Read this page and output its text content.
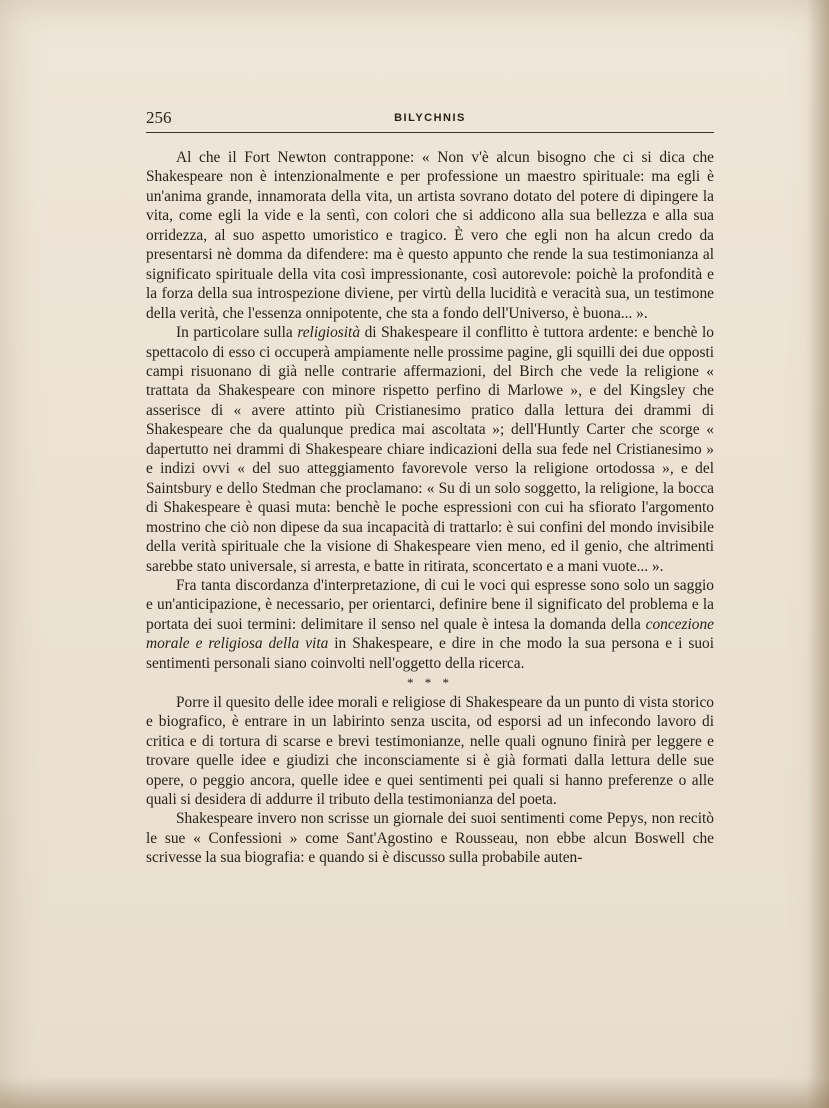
256	BILYCHNIS

Al che il Fort Newton contrappone: « Non v'è alcun bisogno che ci si dica che Shakespeare non è intenzionalmente e per professione un maestro spirituale: ma egli è un'anima grande, innamorata della vita, un artista sovrano dotato del potere di dipingere la vita, come egli la vide e la sentì, con colori che si addicono alla sua bellezza e alla sua orridezza, al suo aspetto umoristico e tragico. È vero che egli non ha alcun credo da presentarsi nè domma da difendere: ma è questo appunto che rende la sua testimonianza al significato spirituale della vita così impressionante, così autorevole: poichè la profondità e la forza della sua introspezione diviene, per virtù della lucidità e veracità sua, un testimone della verità, che l'essenza onnipotente, che sta a fondo dell'Universo, è buona... ».

In particolare sulla religiosità di Shakespeare il conflitto è tuttora ardente: e benchè lo spettacolo di esso ci occuperà ampiamente nelle prossime pagine, gli squilli dei due opposti campi risuonano di già nelle contrarie affermazioni, del Birch che vede la religione « trattata da Shakespeare con minore rispetto perfino di Marlowe », e del Kingsley che asserisce di « avere attinto più Cristianesimo pratico dalla lettura dei drammi di Shakespeare che da qualunque predica mai ascoltata »; dell'Huntly Carter che scorge « dapertutto nei drammi di Shakespeare chiare indicazioni della sua fede nel Cristianesimo » e indizi ovvi « del suo atteggiamento favorevole verso la religione ortodossa », e del Saintsbury e dello Stedman che proclamano: « Su di un solo soggetto, la religione, la bocca di Shakespeare è quasi muta: benchè le poche espressioni con cui ha sfiorato l'argomento mostrino che ciò non dipese da sua incapacità di trattarlo: è sui confini del mondo invisibile della verità spirituale che la visione di Shakespeare vien meno, ed il genio, che altrimenti sarebbe stato universale, si arresta, e batte in ritirata, sconcertato e a mani vuote... ».

Fra tanta discordanza d'interpretazione, di cui le voci qui espresse sono solo un saggio e un'anticipazione, è necessario, per orientarci, definire bene il significato del problema e la portata dei suoi termini: delimitare il senso nel quale è intesa la domanda della concezione morale e religiosa della vita in Shakespeare, e dire in che modo la sua persona e i suoi sentimenti personali siano coinvolti nell'oggetto della ricerca.

* * *

Porre il quesito delle idee morali e religiose di Shakespeare da un punto di vista storico e biografico, è entrare in un labirinto senza uscita, od esporsi ad un infecondo lavoro di critica e di tortura di scarse e brevi testimonianze, nelle quali ognuno finirà per leggere e trovare quelle idee e giudizi che inconsciamente si è già formati dalla lettura delle sue opere, o peggio ancora, quelle idee e quei sentimenti pei quali si hanno preferenze o alle quali si desidera di addurre il tributo della testimonianza del poeta.

Shakespeare invero non scrisse un giornale dei suoi sentimenti come Pepys, non recitò le sue « Confessioni » come Sant'Agostino e Rousseau, non ebbe alcun Boswell che scrivesse la sua biografia: e quando si è discusso sulla probabile auten-
